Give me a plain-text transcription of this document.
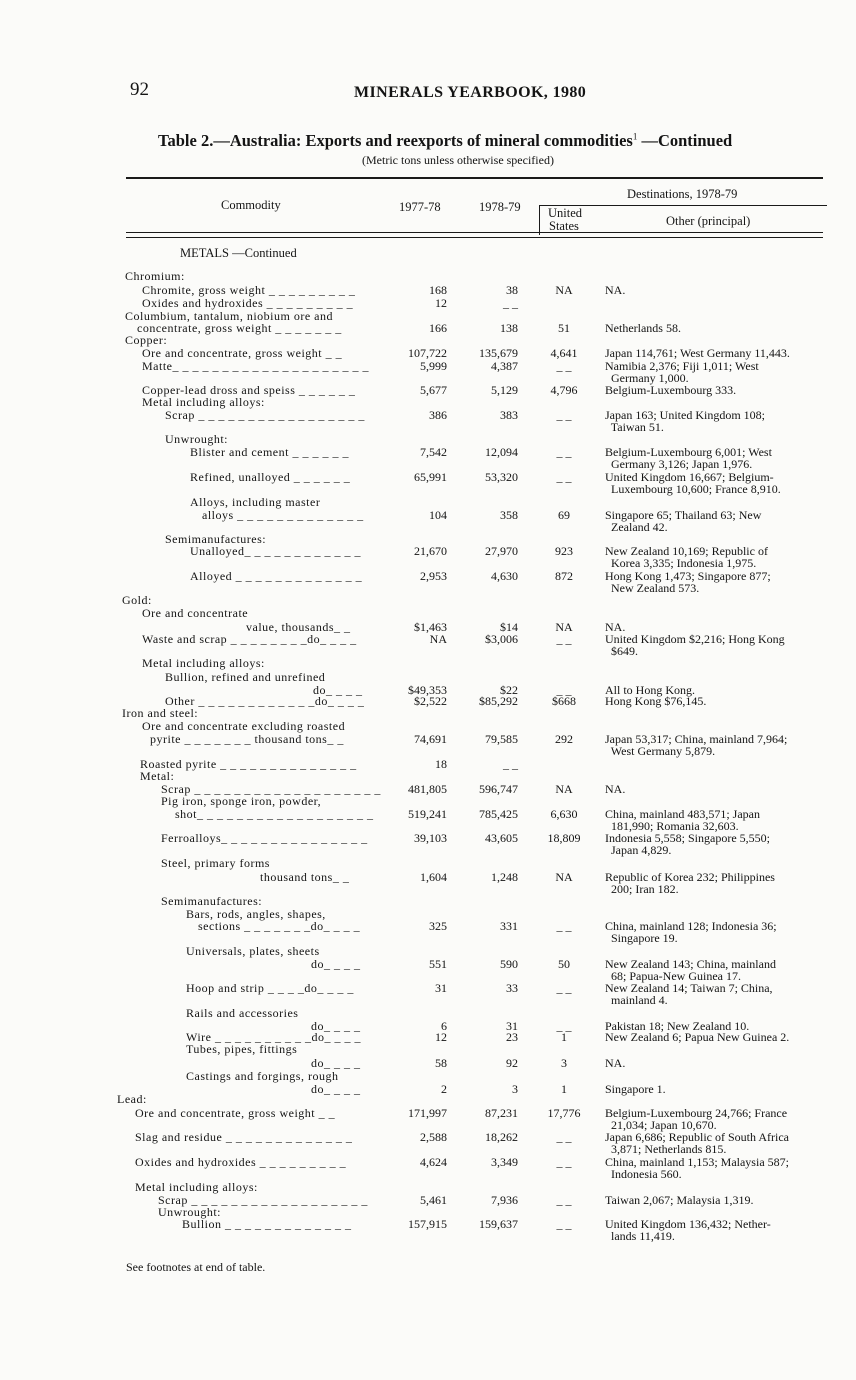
92	MINERALS YEARBOOK, 1980
Table 2.—Australia: Exports and reexports of mineral commodities$^1$ —Continued
(Metric tons unless otherwise specified)
Commodity	1977-78	1978-79
Destinations, 1978-79
United
States	Other (principal)
METALS —Continued
Chromium:
Chromite, gross weight _ _ _ _ _ _ _ _ _	168	38	NA	NA.
Oxides and hydroxides _ _ _ _ _ _ _ _ _	12	_ _
Columbium, tantalum, niobium ore and
concentrate, gross weight _ _ _ _ _ _ _	166	138	51	Netherlands 58.
Copper:
Ore and concentrate, gross weight _ _	107,722	135,679	4,641	Japan 114,761; West Germany 11,443.
Matte_ _ _ _ _ _ _ _ _ _ _ _ _ _ _ _ _ _ _ _	5,999	4,387	_ _	Namibia 2,376; Fiji 1,011; West
Germany 1,000.
Copper-lead dross and speiss _ _ _ _ _ _	5,677	5,129	4,796	Belgium-Luxembourg 333.
Metal including alloys:
Scrap _ _ _ _ _ _ _ _ _ _ _ _ _ _ _ _ _	386	383	_ _	Japan 163; United Kingdom 108;
Taiwan 51.
Unwrought:
Blister and cement _ _ _ _ _ _	7,542	12,094	_ _	Belgium-Luxembourg 6,001; West
Germany 3,126; Japan 1,976.
Refined, unalloyed _ _ _ _ _ _	65,991	53,320	_ _	United Kingdom 16,667; Belgium-
Luxembourg 10,600; France 8,910.
Alloys, including master
alloys _ _ _ _ _ _ _ _ _ _ _ _ _	104	358	69	Singapore 65; Thailand 63; New
Zealand 42.
Semimanufactures:
Unalloyed_ _ _ _ _ _ _ _ _ _ _ _	21,670	27,970	923	New Zealand 10,169; Republic of
Korea 3,335; Indonesia 1,975.
Alloyed _ _ _ _ _ _ _ _ _ _ _ _ _	2,953	4,630	872	Hong Kong 1,473; Singapore 877;
New Zealand 573.
Gold:
Ore and concentrate
value, thousands_ _	$1,463	$14	NA	NA.
Waste and scrap _ _ _ _ _ _ _ _do_ _ _ _	NA	$3,006	_ _	United Kingdom $2,216; Hong Kong
$649.
Metal including alloys:
Bullion, refined and unrefined
do_ _ _ _	$49,353	$22	_ _	All to Hong Kong.
Other _ _ _ _ _ _ _ _ _ _ _ _do_ _ _ _	$2,522	$85,292	$668	Hong Kong $76,145.
Iron and steel:
Ore and concentrate excluding roasted
pyrite _ _ _ _ _ _ _ thousand tons_ _	74,691	79,585	292	Japan 53,317; China, mainland 7,964;
West Germany 5,879.
Roasted pyrite _ _ _ _ _ _ _ _ _ _ _ _ _ _	18	_ _
Metal:
Scrap _ _ _ _ _ _ _ _ _ _ _ _ _ _ _ _ _ _ _ 481,805	596,747	NA	NA.
Pig iron, sponge iron, powder,
shot_ _ _ _ _ _ _ _ _ _ _ _ _ _ _ _ _ _	519,241	785,425	6,630	China, mainland 483,571; Japan
181,990; Romania 32,603.
Ferroalloys_ _ _ _ _ _ _ _ _ _ _ _ _ _ _	39,103	43,605	18,809	Indonesia 5,558; Singapore 5,550;
Japan 4,829.
Steel, primary forms
thousand tons_ _	1,604	1,248	NA	Republic of Korea 232; Philippines
200; Iran 182.
Semimanufactures:
Bars, rods, angles, shapes,
sections _ _ _ _ _ _ _do_ _ _ _	325	331	_ _	China, mainland 128; Indonesia 36;
Singapore 19.
Universals, plates, sheets
do_ _ _ _	551	590	50	New Zealand 143; China, mainland
68; Papua-New Guinea 17.
Hoop and strip _ _ _ _do_ _ _ _	31	33	_ _	New Zealand 14; Taiwan 7; China,
mainland 4.
Rails and accessories
do_ _ _ _	6	31	_ _	Pakistan 18; New Zealand 10.
Wire _ _ _ _ _ _ _ _ _ _do_ _ _ _	12	23	1	New Zealand 6; Papua New Guinea 2.
Tubes, pipes, fittings
do_ _ _ _	58	92	3	NA.
Castings and forgings, rough
do_ _ _ _	2	3	1	Singapore 1.
Lead:
Ore and concentrate, gross weight _ _	171,997	87,231	17,776	Belgium-Luxembourg 24,766; France
21,034; Japan 10,670.
Slag and residue _ _ _ _ _ _ _ _ _ _ _ _ _	2,588	18,262	_ _	Japan 6,686; Republic of South Africa
3,871; Netherlands 815.
Oxides and hydroxides _ _ _ _ _ _ _ _ _	4,624	3,349	_ _	China, mainland 1,153; Malaysia 587;
Indonesia 560.
Metal including alloys:
Scrap _ _ _ _ _ _ _ _ _ _ _ _ _ _ _ _ _ _	5,461	7,936	_ _	Taiwan 2,067; Malaysia 1,319.
Unwrought:
Bullion _ _ _ _ _ _ _ _ _ _ _ _ _	157,915	159,637	_ _	United Kingdom 136,432; Nether-
lands 11,419.
See footnotes at end of table.
